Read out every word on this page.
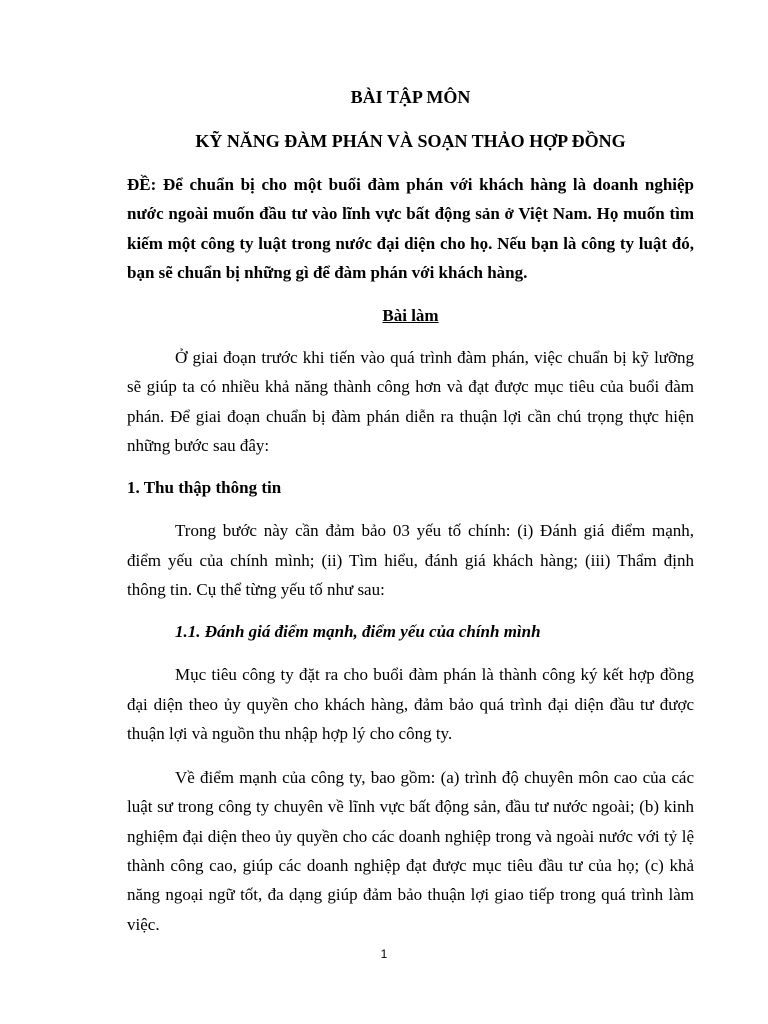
BÀI TẬP MÔN

KỸ NĂNG ĐÀM PHÁN VÀ SOẠN THẢO HỢP ĐỒNG

ĐỀ: Để chuẩn bị cho một buổi đàm phán với khách hàng là doanh nghiệp nước ngoài muốn đầu tư vào lĩnh vực bất động sản ở Việt Nam. Họ muốn tìm kiếm một công ty luật trong nước đại diện cho họ. Nếu bạn là công ty luật đó, bạn sẽ chuẩn bị những gì để đàm phán với khách hàng.

Bài làm

Ở giai đoạn trước khi tiến vào quá trình đàm phán, việc chuẩn bị kỹ lưỡng sẽ giúp ta có nhiều khả năng thành công hơn và đạt được mục tiêu của buổi đàm phán. Để giai đoạn chuẩn bị đàm phán diễn ra thuận lợi cần chú trọng thực hiện những bước sau đây:

1. Thu thập thông tin

Trong bước này cần đảm bảo 03 yếu tố chính: (i) Đánh giá điểm mạnh, điểm yếu của chính mình; (ii) Tìm hiểu, đánh giá khách hàng; (iii) Thẩm định thông tin. Cụ thể từng yếu tố như sau:

1.1. Đánh giá điểm mạnh, điểm yếu của chính mình

Mục tiêu công ty đặt ra cho buổi đàm phán là thành công ký kết hợp đồng đại diện theo ủy quyền cho khách hàng, đảm bảo quá trình đại diện đầu tư được thuận lợi và nguồn thu nhập hợp lý cho công ty.

Về điểm mạnh của công ty, bao gồm: (a) trình độ chuyên môn cao của các luật sư trong công ty chuyên về lĩnh vực bất động sản, đầu tư nước ngoài; (b) kinh nghiệm đại diện theo ủy quyền cho các doanh nghiệp trong và ngoài nước với tỷ lệ thành công cao, giúp các doanh nghiệp đạt được mục tiêu đầu tư của họ; (c) khả năng ngoại ngữ tốt, đa dạng giúp đảm bảo thuận lợi giao tiếp trong quá trình làm việc.

1
